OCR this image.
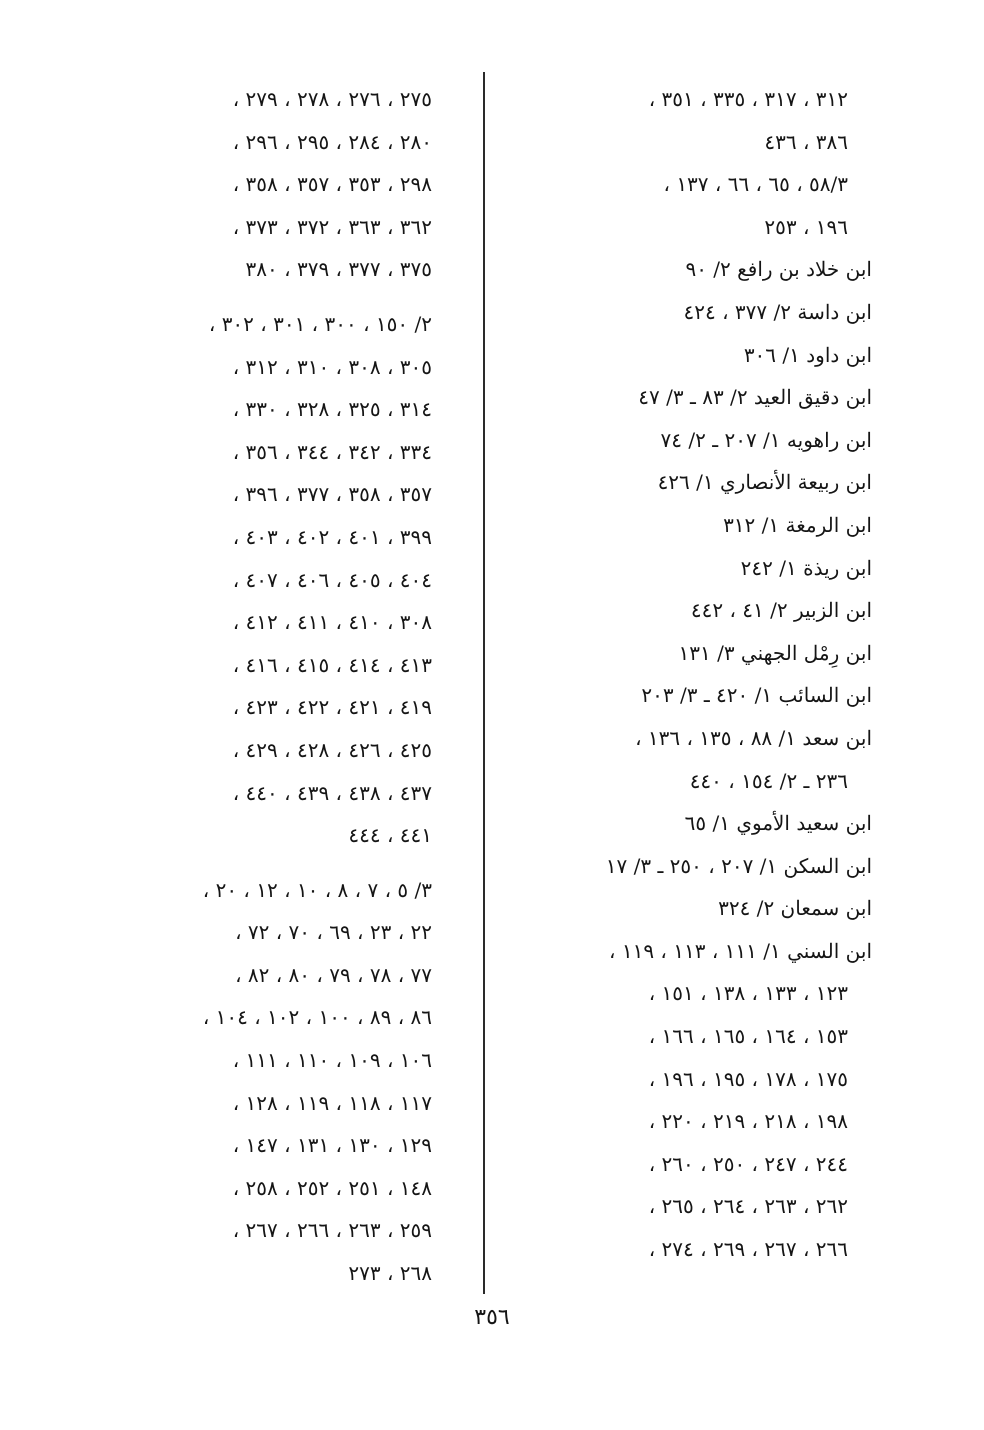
٣١٢ ، ٣١٧ ، ٣٣٥ ، ٣٥١ ،
٣٨٦ ، ٤٣٦
٥٨/٣ ، ٦٥ ، ٦٦ ، ١٣٧ ،
١٩٦ ، ٢٥٣
ابن خلاد بن رافع ٢/ ٩٠
ابن داسة ٢/ ٣٧٧ ، ٤٢٤
ابن داود ١/ ٣٠٦
ابن دقيق العيد ٢/ ٨٣ ـ ٣/ ٤٧
ابن راهويه ١/ ٢٠٧ ـ ٢/ ٧٤
ابن ربيعة الأنصاري ١/ ٤٢٦
ابن الرمغة ١/ ٣١٢
ابن ريذة ١/ ٢٤٢
ابن الزبير ٢/ ٤١ ، ٤٤٢
ابن رِمْل الجهني ٣/ ١٣١
ابن السائب ١/ ٤٢٠ ـ ٣/ ٢٠٣
ابن سعد ١/ ٨٨ ، ١٣٥ ، ١٣٦ ،
٢٣٦ ـ ٢/ ١٥٤ ، ٤٤٠
ابن سعيد الأموي ١/ ٦٥
ابن السكن ١/ ٢٠٧ ، ٢٥٠ ـ ٣/ ١٧
ابن سمعان ٢/ ٣٢٤
ابن السني ١/ ١١١ ، ١١٣ ، ١١٩ ،
١٢٣ ، ١٣٣ ، ١٣٨ ، ١٥١ ،
١٥٣ ، ١٦٤ ، ١٦٥ ، ١٦٦ ،
١٧٥ ، ١٧٨ ، ١٩٥ ، ١٩٦ ،
١٩٨ ، ٢١٨ ، ٢١٩ ، ٢٢٠ ،
٢٤٤ ، ٢٤٧ ، ٢٥٠ ، ٢٦٠ ،
٢٦٢ ، ٢٦٣ ، ٢٦٤ ، ٢٦٥ ،
٢٦٦ ، ٢٦٧ ، ٢٦٩ ، ٢٧٤ ،
٢٧٥ ، ٢٧٦ ، ٢٧٨ ، ٢٧٩ ،
٢٨٠ ، ٢٨٤ ، ٢٩٥ ، ٢٩٦ ،
٢٩٨ ، ٣٥٣ ، ٣٥٧ ، ٣٥٨ ،
٣٦٢ ، ٣٦٣ ، ٣٧٢ ، ٣٧٣ ،
٣٧٥ ، ٣٧٧ ، ٣٧٩ ، ٣٨٠
٢/ ١٥٠ ، ٣٠٠ ، ٣٠١ ، ٣٠٢ ،
٣٠٥ ، ٣٠٨ ، ٣١٠ ، ٣١٢ ،
٣١٤ ، ٣٢٥ ، ٣٢٨ ، ٣٣٠ ،
٣٣٤ ، ٣٤٢ ، ٣٤٤ ، ٣٥٦ ،
٣٥٧ ، ٣٥٨ ، ٣٧٧ ، ٣٩٦ ،
٣٩٩ ، ٤٠١ ، ٤٠٢ ، ٤٠٣ ،
٤٠٤ ، ٤٠٥ ، ٤٠٦ ، ٤٠٧ ،
٣٠٨ ، ٤١٠ ، ٤١١ ، ٤١٢ ،
٤١٣ ، ٤١٤ ، ٤١٥ ، ٤١٦ ،
٤١٩ ، ٤٢١ ، ٤٢٢ ، ٤٢٣ ،
٤٢٥ ، ٤٢٦ ، ٤٢٨ ، ٤٢٩ ،
٤٣٧ ، ٤٣٨ ، ٤٣٩ ، ٤٤٠ ،
٤٤١ ، ٤٤٤
٣/ ٥ ، ٧ ، ٨ ، ١٠ ، ١٢ ، ٢٠ ،
٢٢ ، ٢٣ ، ٦٩ ، ٧٠ ، ٧٢ ،
٧٧ ، ٧٨ ، ٧٩ ، ٨٠ ، ٨٢ ،
٨٦ ، ٨٩ ، ١٠٠ ، ١٠٢ ، ١٠٤ ،
١٠٦ ، ١٠٩ ، ١١٠ ، ١١١ ،
١١٧ ، ١١٨ ، ١١٩ ، ١٢٨ ،
١٢٩ ، ١٣٠ ، ١٣١ ، ١٤٧ ،
١٤٨ ، ٢٥١ ، ٢٥٢ ، ٢٥٨ ،
٢٥٩ ، ٢٦٣ ، ٢٦٦ ، ٢٦٧ ،
٢٦٨ ، ٢٧٣
٣٥٦
